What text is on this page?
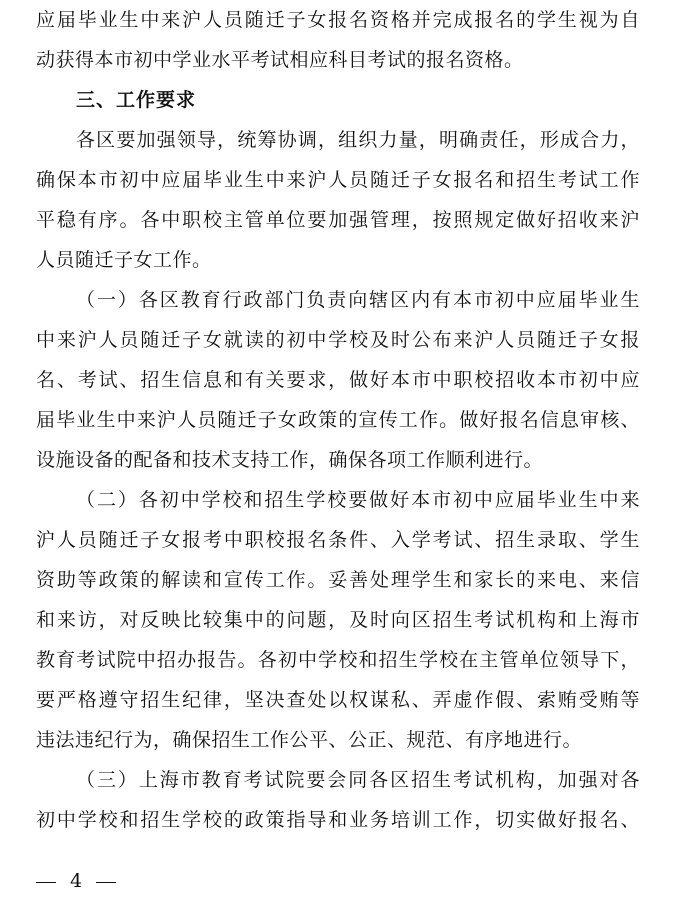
应届毕业生中来沪人员随迁子女报名资格并完成报名的学生视为自
动获得本市初中学业水平考试相应科目考试的报名资格。
三、工作要求
各区要加强领导，统筹协调，组织力量，明确责任，形成合力，
确保本市初中应届毕业生中来沪人员随迁子女报名和招生考试工作
平稳有序。各中职校主管单位要加强管理，按照规定做好招收来沪
人员随迁子女工作。
（一）各区教育行政部门负责向辖区内有本市初中应届毕业生
中来沪人员随迁子女就读的初中学校及时公布来沪人员随迁子女报
名、考试、招生信息和有关要求，做好本市中职校招收本市初中应
届毕业生中来沪人员随迁子女政策的宣传工作。做好报名信息审核、
设施设备的配备和技术支持工作，确保各项工作顺利进行。
（二）各初中学校和招生学校要做好本市初中应届毕业生中来
沪人员随迁子女报考中职校报名条件、入学考试、招生录取、学生
资助等政策的解读和宣传工作。妥善处理学生和家长的来电、来信
和来访，对反映比较集中的问题，及时向区招生考试机构和上海市
教育考试院中招办报告。各初中学校和招生学校在主管单位领导下，
要严格遵守招生纪律，坚决查处以权谋私、弄虚作假、索贿受贿等
违法违纪行为，确保招生工作公平、公正、规范、有序地进行。
（三）上海市教育考试院要会同各区招生考试机构，加强对各
初中学校和招生学校的政策指导和业务培训工作，切实做好报名、
4
